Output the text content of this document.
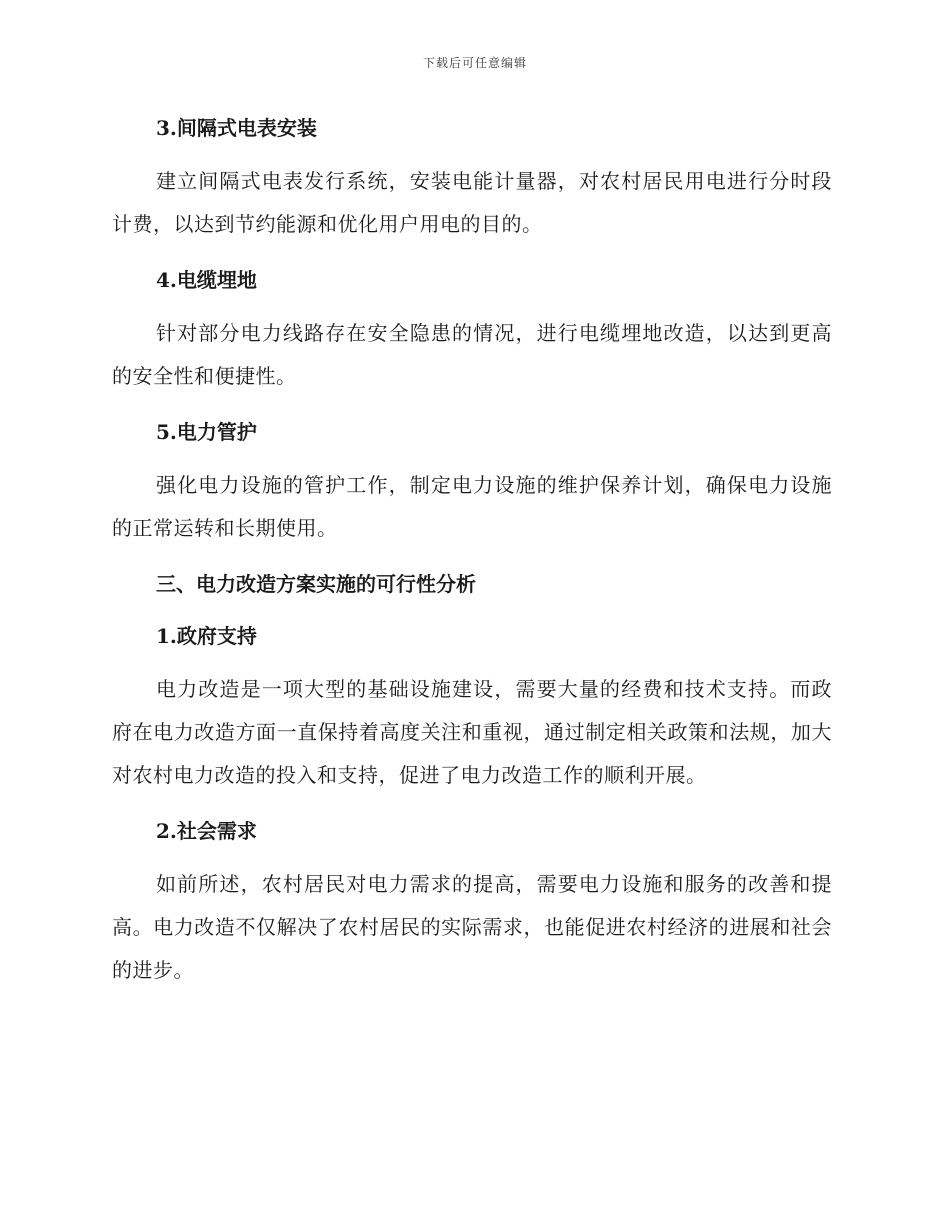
下载后可任意编辑
3.间隔式电表安装

建立间隔式电表发行系统，安装电能计量器，对农村居民用电进行分时段计费，以达到节约能源和优化用户用电的目的。

4.电缆埋地

针对部分电力线路存在安全隐患的情况，进行电缆埋地改造，以达到更高的安全性和便捷性。

5.电力管护

强化电力设施的管护工作，制定电力设施的维护保养计划，确保电力设施的正常运转和长期使用。

三、电力改造方案实施的可行性分析
1.政府支持

电力改造是一项大型的基础设施建设，需要大量的经费和技术支持。而政府在电力改造方面一直保持着高度关注和重视，通过制定相关政策和法规，加大对农村电力改造的投入和支持，促进了电力改造工作的顺利开展。

2.社会需求

如前所述，农村居民对电力需求的提高，需要电力设施和服务的改善和提高。电力改造不仅解决了农村居民的实际需求，也能促进农村经济的进展和社会的进步。
